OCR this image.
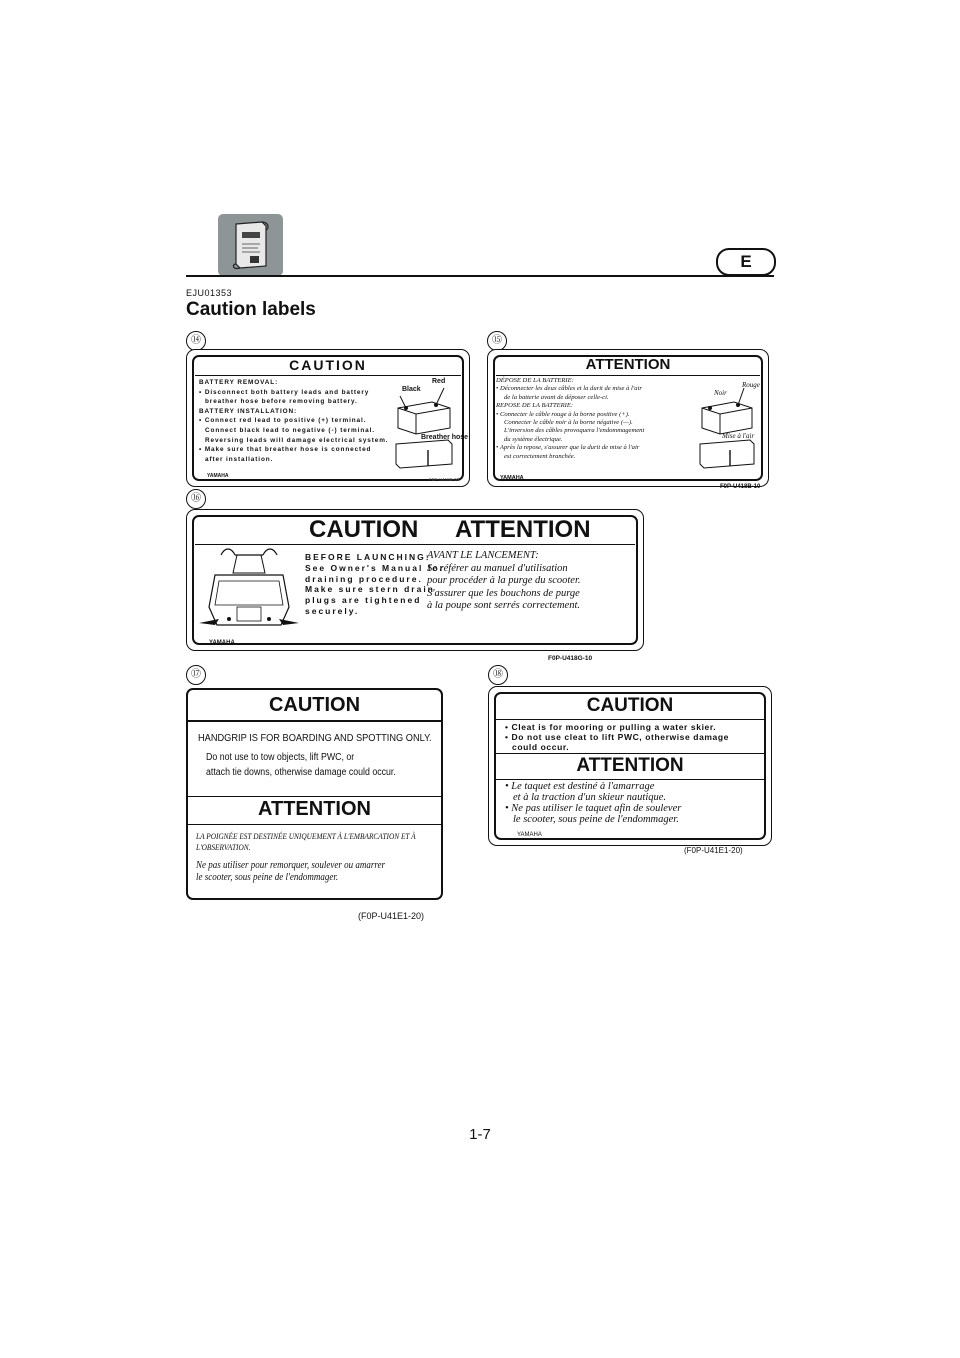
E
EJU01353
Caution labels
⑭
CAUTION
BATTERY REMOVAL:
• Disconnect both battery leads and battery
breather hose before removing battery.
BATTERY INSTALLATION:
• Connect red lead to positive (+) terminal.
Connect black lead to negative (-) terminal.
Reversing leads will damage electrical system.
• Make sure that breather hose is connected
after installation.
Red
Black
Breather hose
YAMAHA
F0P-U418B-00
⑮
ATTENTION
DÉPOSE DE LA BATTERIE:
• Déconnecter les deux câbles et la durit de mise à l'air
de la batterie avant de déposer celle-ci.
REPOSE DE LA BATTERIE:
• Connecter le câble rouge à la borne positive (+).
Connecter le câble noir à la borne négative (—).
L'inversion des câbles provoquera l'endommagement
du système électrique.
• Après la repose, s'assurer que la durit de mise à l'air
est correctement branchée.
Rouge
Noir
Mise à l'air
YAMAHA
F0P-U418B-10
⑯
CAUTION ATTENTION
BEFORE LAUNCHING:
See Owner's Manual for
draining procedure.
Make sure stern drain
plugs are tightened
securely.
AVANT LE LANCEMENT:
Se référer au manuel d'utilisation
pour procéder à la purge du scooter.
S'assurer que les bouchons de purge
à la poupe sont serrés correctement.
YAMAHA
F0P-U418G-10
⑰
CAUTION
HANDGRIP IS FOR BOARDING AND SPOTTING ONLY.
Do not use to tow objects, lift PWC, or
attach tie downs, otherwise damage could occur.
ATTENTION
LA POIGNÉE EST DESTINÉE UNIQUEMENT À L'EMBARCATION ET À
L'OBSERVATION.
Ne pas utiliser pour remorquer, soulever ou amarrer
le scooter, sous peine de l'endommager.
(F0P-U41E1-20)
⑱
CAUTION
• Cleat is for mooring or pulling a water skier.
• Do not use cleat to lift PWC, otherwise damage
could occur.
ATTENTION
• Le taquet est destiné à l'amarrage
et à la traction d'un skieur nautique.
• Ne pas utiliser le taquet afin de soulever
le scooter, sous peine de l'endommager.
YAMAHA
(F0P-U41E1-20)
1-7
